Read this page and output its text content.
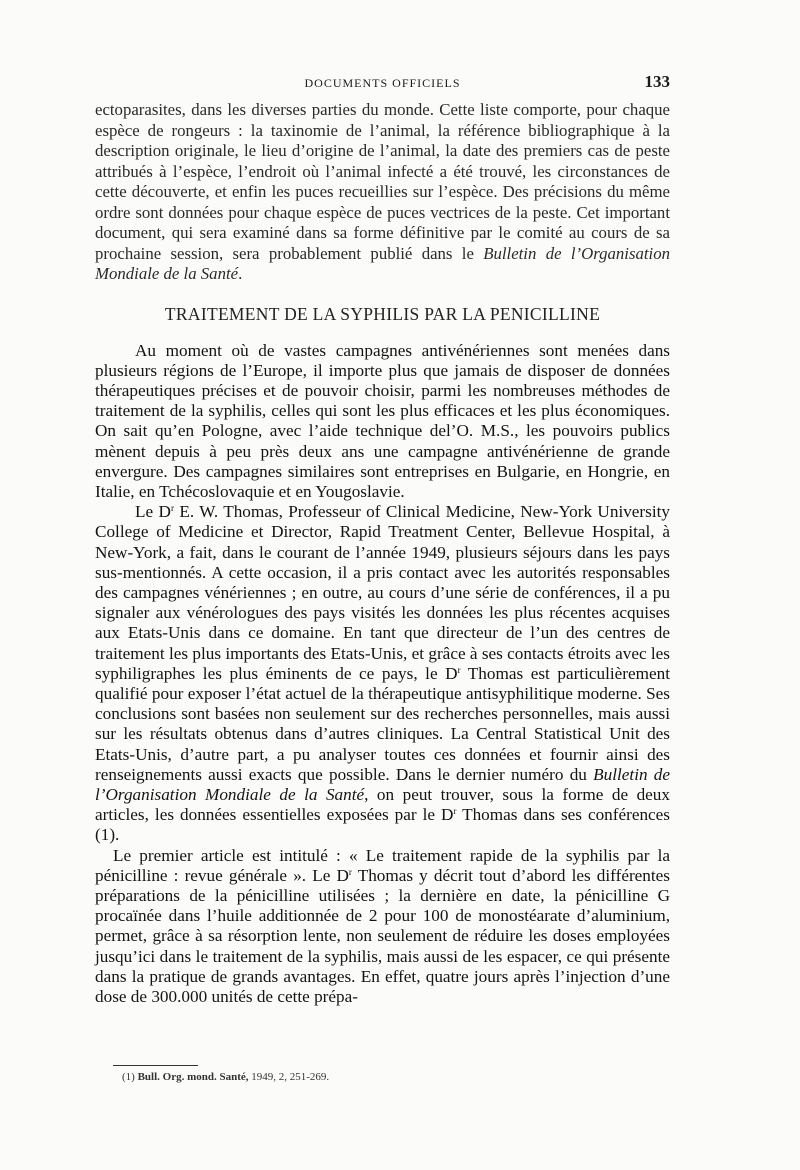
DOCUMENTS OFFICIELS	133

ectoparasites, dans les diverses parties du monde. Cette liste comporte, pour chaque espèce de rongeurs : la taxinomie de l’animal, la référence bibliographique à la description originale, le lieu d’origine de l’animal, la date des premiers cas de peste attribués à l’espèce, l’endroit où l’animal infecté a été trouvé, les circonstances de cette découverte, et enfin les puces recueillies sur l’espèce. Des précisions du même ordre sont données pour chaque espèce de puces vectrices de la peste. Cet important document, qui sera examiné dans sa forme définitive par le comité au cours de sa prochaine session, sera probablement publié dans le Bulletin de l’Organisation Mondiale de la Santé.

TRAITEMENT DE LA SYPHILIS PAR LA PENICILLINE

Au moment où de vastes campagnes antivénériennes sont menées dans plusieurs régions de l’Europe, il importe plus que jamais de disposer de données thérapeutiques précises et de pouvoir choisir, parmi les nombreuses méthodes de traitement de la syphilis, celles qui sont les plus efficaces et les plus économiques. On sait qu’en Pologne, avec l’aide technique del’O. M.S., les pouvoirs publics mènent depuis à peu près deux ans une campagne antivénérienne de grande envergure. Des campagnes similaires sont entreprises en Bulgarie, en Hongrie, en Italie, en Tchécoslovaquie et en Yougoslavie.

Le $D^r$ E. W. Thomas, Professeur of Clinical Medicine, New-York University College of Medicine et Director, Rapid Treatment Center, Bellevue Hospital, à New-York, a fait, dans le courant de l’année 1949, plusieurs séjours dans les pays sus-mentionnés. A cette occasion, il a pris contact avec les autorités responsables des campagnes vénériennes ; en outre, au cours d’une série de conférences, il a pu signaler aux vénérologues des pays visités les données les plus récentes acquises aux Etats-Unis dans ce domaine. En tant que directeur de l’un des centres de traitement les plus importants des Etats-Unis, et grâce à ses contacts étroits avec les syphiligraphes les plus éminents de ce pays, le $D^r$ Thomas est particulièrement qualifié pour exposer l’état actuel de la thérapeutique antisyphilitique moderne. Ses conclusions sont basées non seulement sur des recherches personnelles, mais aussi sur les résultats obtenus dans d’autres cliniques. La Central Statistical Unit des Etats-Unis, d’autre part, a pu analyser toutes ces données et fournir ainsi des renseignements aussi exacts que possible. Dans le dernier numéro du Bulletin de l’Organisation Mondiale de la Santé, on peut trouver, sous la forme de deux articles, les données essentielles exposées par le $D^r$ Thomas dans ses conférences (1).

Le premier article est intitulé : « Le traitement rapide de la syphilis par la pénicilline : revue générale ». Le $D^r$ Thomas y décrit tout d’abord les différentes préparations de la pénicilline utilisées ; la dernière en date, la pénicilline G procaïnée dans l’huile additionnée de 2 pour 100 de monostéarate d’aluminium, permet, grâce à sa résorption lente, non seulement de réduire les doses employées jusqu’ici dans le traitement de la syphilis, mais aussi de les espacer, ce qui présente dans la pratique de grands avantages. En effet, quatre jours après l’injection d’une dose de 300.000 unités de cette prépa-

(1) Bull. Org. mond. Santé, 1949, 2, 251-269.
